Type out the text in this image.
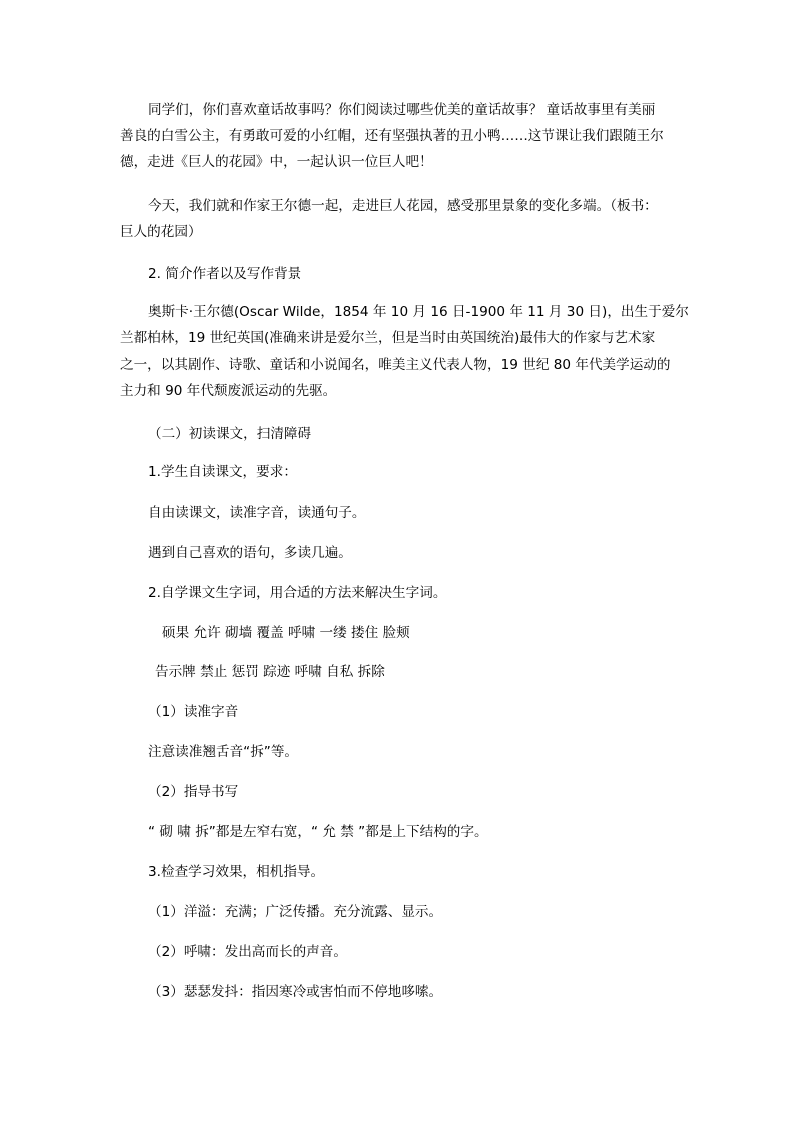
同学们，你们喜欢童话故事吗？你们阅读过哪些优美的童话故事？ 童话故事里有美丽
善良的白雪公主，有勇敢可爱的小红帽，还有坚强执著的丑小鸭……这节课让我们跟随王尔
德，走进《巨人的花园》中，一起认识一位巨人吧！
今天，我们就和作家王尔德一起，走进巨人花园，感受那里景象的变化多端。（板书：
巨人的花园）
2. 简介作者以及写作背景
奥斯卡·王尔德(Oscar Wilde，1854 年 10 月 16 日-1900 年 11 月 30 日)，出生于爱尔
兰都柏林，19 世纪英国(准确来讲是爱尔兰，但是当时由英国统治)最伟大的作家与艺术家
之一，以其剧作、诗歌、童话和小说闻名，唯美主义代表人物，19 世纪 80 年代美学运动的
主力和 90 年代颓废派运动的先驱。
（二）初读课文，扫清障碍
1.学生自读课文，要求：
自由读课文，读准字音，读通句子。
遇到自己喜欢的语句，多读几遍。
2.自学课文生字词，用合适的方法来解决生字词。
硕果 允许 砌墙 覆盖 呼啸 一缕 搂住 脸颊
告示牌 禁止 惩罚 踪迹 呼啸 自私 拆除
（1）读准字音
注意读准翘舌音“拆”等。
（2）指导书写
“ 砌 啸 拆”都是左窄右宽，“ 允 禁 ”都是上下结构的字。
3.检查学习效果，相机指导。
（1）洋溢：充满；广泛传播。充分流露、显示。
（2）呼啸：发出高而长的声音。
（3）瑟瑟发抖：指因寒冷或害怕而不停地哆嗦。
